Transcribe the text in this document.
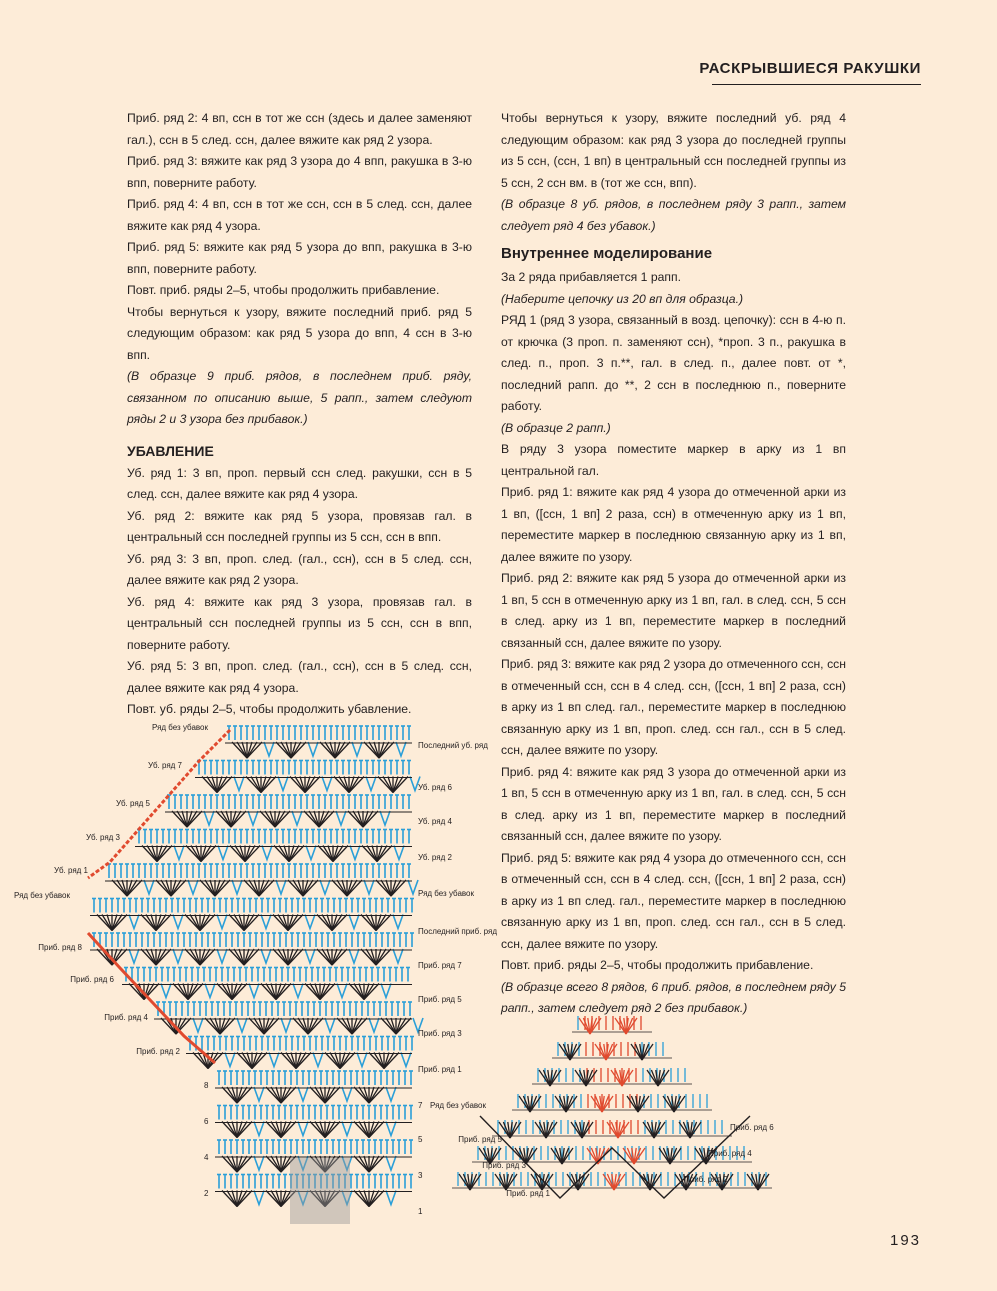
РАСКРЫВШИЕСЯ РАКУШКИ

Приб. ряд 2: 4 вп, ссн в тот же ссн (здесь и далее заменяют гал.), ссн в 5 след. ссн, далее вяжите как ряд 2 узора.

Приб. ряд 3: вяжите как ряд 3 узора до 4 впп, ракушка в 3-ю впп, поверните работу.

Приб. ряд 4: 4 вп, ссн в тот же ссн, ссн в 5 след. ссн, далее вяжите как ряд 4 узора.

Приб. ряд 5: вяжите как ряд 5 узора до впп, ракушка в 3-ю впп, поверните работу.

Повт. приб. ряды 2–5, чтобы продолжить прибавление.

Чтобы вернуться к узору, вяжите последний приб. ряд 5 следующим образом: как ряд 5 узора до впп, 4 ссн в 3-ю впп.

(В образце 9 приб. рядов, в последнем приб. ряду, связанном по описанию выше, 5 рапп., затем следуют ряды 2 и 3 узора без прибавок.)

УБАВЛЕНИЕ

Уб. ряд 1: 3 вп, проп. первый ссн след. ракушки, ссн в 5 след. ссн, далее вяжите как ряд 4 узора.

Уб. ряд 2: вяжите как ряд 5 узора, провязав гал. в центральный ссн последней группы из 5 ссн, ссн в впп.

Уб. ряд 3: 3 вп, проп. след. (гал., ссн), ссн в 5 след. ссн, далее вяжите как ряд 2 узора.

Уб. ряд 4: вяжите как ряд 3 узора, провязав гал. в центральный ссн последней группы из 5 ссн, ссн в впп, поверните работу.

Уб. ряд 5: 3 вп, проп. след. (гал., ссн), ссн в 5 след. ссн, далее вяжите как ряд 4 узора.

Повт. уб. ряды 2–5, чтобы продолжить убавление.

Чтобы вернуться к узору, вяжите последний уб. ряд 4 следующим образом: как ряд 3 узора до последней группы из 5 ссн, (ссн, 1 вп) в центральный ссн последней группы из 5 ссн, 2 ссн вм. в (тот же ссн, впп).

(В образце 8 уб. рядов, в последнем ряду 3 рапп., затем следует ряд 4 без убавок.)

Внутреннее моделирование

За 2 ряда прибавляется 1 рапп.

(Наберите цепочку из 20 вп для образца.)

РЯД 1 (ряд 3 узора, связанный в возд. цепочку): ссн в 4-ю п. от крючка (3 проп. п. заменяют ссн), *проп. 3 п., ракушка в след. п., проп. 3 п.**, гал. в след. п., далее повт. от *, последний рапп. до **, 2 ссн в последнюю п., поверните работу.

(В образце 2 рапп.)

В ряду 3 узора поместите маркер в арку из 1 вп центральной гал.

Приб. ряд 1: вяжите как ряд 4 узора до отмеченной арки из 1 вп, ([ссн, 1 вп] 2 раза, ссн) в отмеченную арку из 1 вп, переместите маркер в последнюю связанную арку из 1 вп, далее вяжите по узору.

Приб. ряд 2: вяжите как ряд 5 узора до отмеченной арки из 1 вп, 5 ссн в отмеченную арку из 1 вп, гал. в след. ссн, 5 ссн в след. арку из 1 вп, переместите маркер в последний связанный ссн, далее вяжите по узору.

Приб. ряд 3: вяжите как ряд 2 узора до отмеченного ссн, ссн в отмеченный ссн, ссн в 4 след. ссн, ([ссн, 1 вп] 2 раза, ссн) в арку из 1 вп след. гал., переместите маркер в последнюю связанную арку из 1 вп, проп. след. ссн гал., ссн в 5 след. ссн, далее вяжите по узору.

Приб. ряд 4: вяжите как ряд 3 узора до отмеченной арки из 1 вп, 5 ссн в отмеченную арку из 1 вп, гал. в след. ссн, 5 ссн в след. арку из 1 вп, переместите маркер в последний связанный ссн, далее вяжите по узору.

Приб. ряд 5: вяжите как ряд 4 узора до отмеченного ссн, ссн в отмеченный ссн, ссн в 4 след. ссн, ([ссн, 1 вп] 2 раза, ссн) в арку из 1 вп след. гал., переместите маркер в последнюю связанную арку из 1 вп, проп. след. ссн гал., ссн в 5 след. ссн, далее вяжите по узору.

Повт. приб. ряды 2–5, чтобы продолжить прибавление.

(В образце всего 8 рядов, 6 приб. рядов, в последнем ряду 5 рапп., затем следует ряд 2 без прибавок.)

Ряд без убавок
Уб. ряд 7
Уб. ряд 5
Уб. ряд 3
Уб. ряд 1
Ряд без убавок
Приб. ряд 8
Приб. ряд 6
Приб. ряд 4
Приб. ряд 2
Последний уб. ряд
Уб. ряд 6
Уб. ряд 4
Уб. ряд 2
Ряд без убавок
Последний приб. ряд
Приб. ряд 7
Приб. ряд 5
Приб. ряд 3
Приб. ряд 1
8
6
4
2
7
5
3
1
Ряд без убавок
Приб. ряд 5
Приб. ряд 3
Приб. ряд 1
Приб. ряд 6
Приб. ряд 4
Приб. ряд 2
193
